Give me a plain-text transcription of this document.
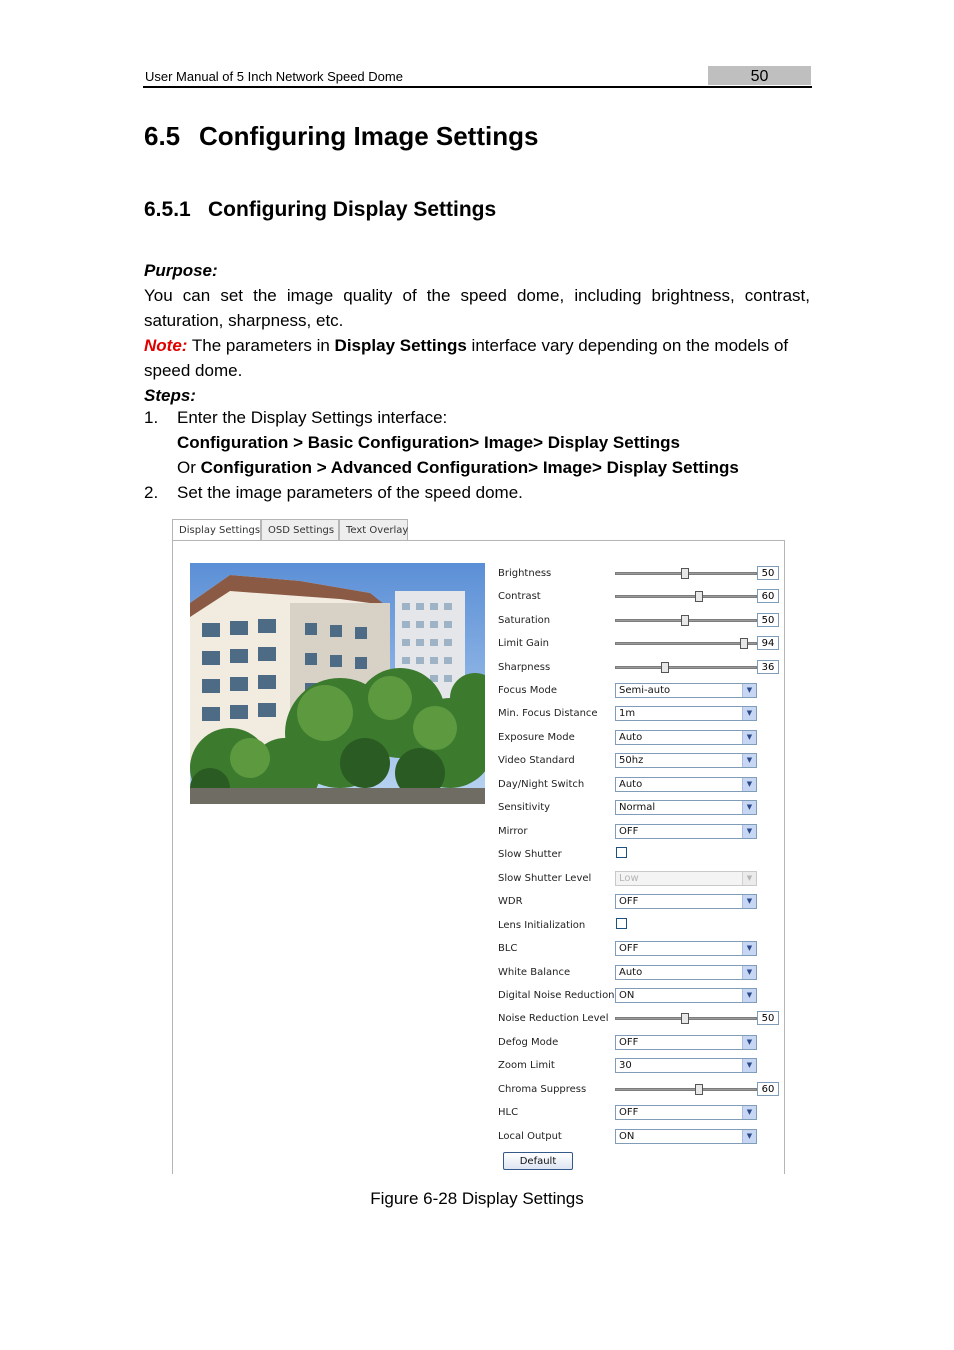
User Manual of 5 Inch Network Speed Dome	50
6.5 Configuring Image Settings
6.5.1 Configuring Display Settings
Purpose:
You can set the image quality of the speed dome, including brightness, contrast,
saturation, sharpness, etc.
Note: The parameters in Display Settings interface vary depending on the models of
speed dome.
Steps:
1. Enter the Display Settings interface:
Configuration > Basic Configuration> Image> Display Settings
Or Configuration > Advanced Configuration> Image> Display Settings
2. Set the image parameters of the speed dome.
Display Settings OSD Settings	Text Overlay
Brightness	50
Contrast	60
Saturation	50
Limit Gain	94
Sharpness	36
Focus Mode	Semi-auto	▼
Min. Focus Distance	1m	▼
Exposure Mode	Auto	▼
Video Standard	50hz	▼
Day/Night Switch	Auto	▼
Sensitivity	Normal	▼
Mirror	OFF	▼
Slow Shutter
Slow Shutter Level	Low	▼
WDR	OFF	▼
Lens Initialization
BLC	OFF	▼
White Balance	Auto	▼
Digital Noise Reduction ON	▼
Noise Reduction Level	50
Defog Mode	OFF	▼
Zoom Limit	30	▼
Chroma Suppress	60
HLC	OFF	▼
Local Output	ON	▼
Default
Figure 6-28 Display Settings
